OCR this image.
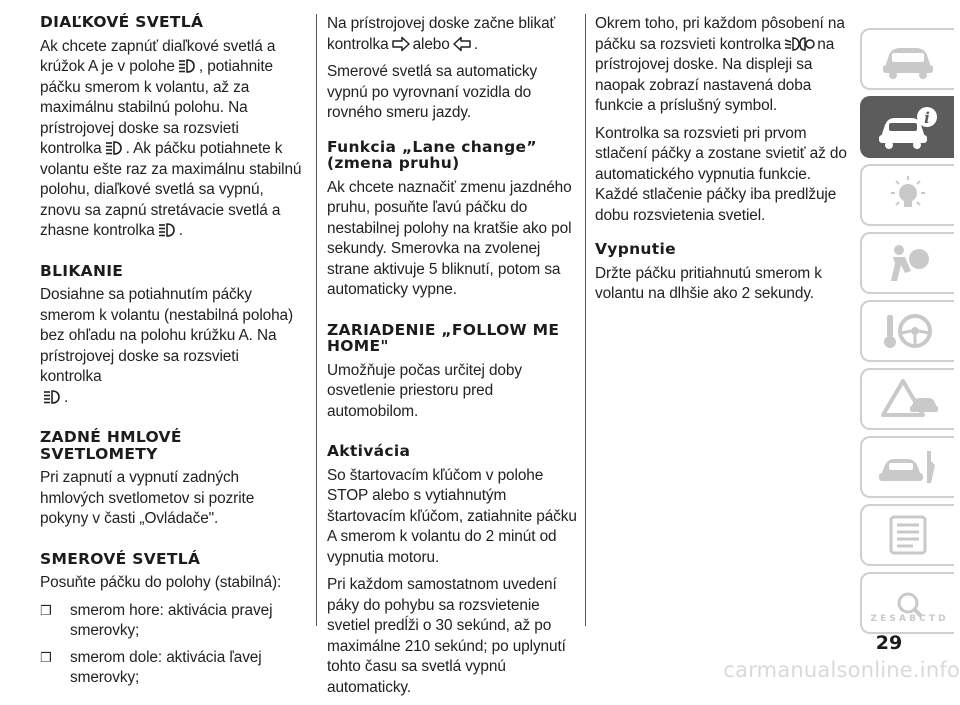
DIAĽKOVÉ SVETLÁ

Ak chcete zapnúť diaľkové svetlá a krúžok A je v polohe , potiahnite páčku smerom k volantu, až za maximálnu stabilnú polohu. Na prístrojovej doske sa rozsvieti kontrolka . Ak páčku potiahnete k volantu ešte raz za maximálnu stabilnú polohu, diaľkové svetlá sa vypnú, znovu sa zapnú stretávacie svetlá a zhasne kontrolka .

BLIKANIE

Dosiahne sa potiahnutím páčky smerom k volantu (nestabilná poloha) bez ohľadu na polohu krúžku A. Na prístrojovej doske sa rozsvieti kontrolka

.

ZADNÉ HMLOVÉ SVETLOMETY

Pri zapnutí a vypnutí zadných hmlových svetlometov si pozrite pokyny v časti „Ovládače".

SMEROVÉ SVETLÁ

Posuňte páčku do polohy (stabilná):

❒ smerom hore: aktivácia pravej smerovky;
❒ smerom dole: aktivácia ľavej smerovky;

Na prístrojovej doske začne blikať kontrolka alebo .

Smerové svetlá sa automaticky vypnú po vyrovnaní vozidla do rovného smeru jazdy.

Funkcia „Lane change” (zmena pruhu)

Ak chcete naznačiť zmenu jazdného pruhu, posuňte ľavú páčku do nestabilnej polohy na kratšie ako pol sekundy. Smerovka na zvolenej strane aktivuje 5 bliknutí, potom sa automaticky vypne.

ZARIADENIE „FOLLOW ME HOME"

Umožňuje počas určitej doby osvetlenie priestoru pred automobilom.

Aktivácia

So štartovacím kľúčom v polohe STOP alebo s vytiahnutým štartovacím kľúčom, zatiahnite páčku A smerom k volantu do 2 minút od vypnutia motoru.

Pri každom samostatnom uvedení páky do pohybu sa rozsvietenie svetiel predĺži o 30 sekúnd, až po maximálne 210 sekúnd; po uplynutí tohto času sa svetlá vypnú automaticky.

Okrem toho, pri každom pôsobení na páčku sa rozsvieti kontrolka na prístrojovej doske. Na displeji sa naopak zobrazí nastavená doba funkcie a príslušný symbol.

Kontrolka sa rozsvieti pri prvom stlačení páčky a zostane svietiť až do automatického vypnutia funkcie. Každé stlačenie páčky iba predlžuje dobu rozsvietenia svetiel.

Vypnutie

Držte páčku pritiahnutú smerom k volantu na dlhšie ako 2 sekundy.

i
Z E S A B C T D
29
carmanualsonline.info
